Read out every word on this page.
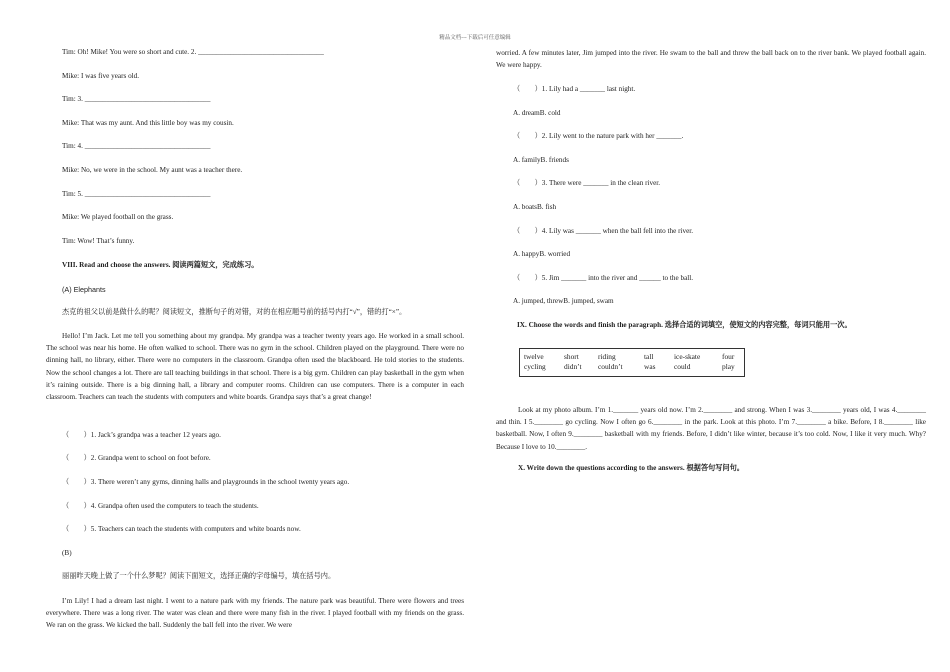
精品文档---下载后可任意编辑
Tim: Oh! Mike! You were so short and cute. 2. ___________________________________
Mike: I was five years old.
Tim: 3. ___________________________________
Mike: That was my aunt. And this little boy was my cousin.
Tim: 4. ___________________________________
Mike: No, we were in the school. My aunt was a teacher there.
Tim: 5. ___________________________________
Mike: We played football on the grass.
Tim: Wow! That’s funny.
VIII. Read and choose the answers. 阅读两篇短文，完成练习。
(A) Elephants
杰克的祖父以前是做什么的呢？阅读短文，推断句子的对错，对的在相应题号前的括号内打“√”，错的打“×”。
Hello! I’m Jack. Let me tell you something about my grandpa. My grandpa was a teacher twenty years ago. He worked in a small school. The school was near his home. He often walked to school. There was no gym in the school. Children played on the playground. There were no dinning hall, no library, either. There were no computers in the classroom. Grandpa often used the blackboard. He told stories to the students. Now the school changes a lot. There are tall teaching buildings in that school. There is a big gym. Children can play basketball in the gym when it’s raining outside. There is a big dinning hall, a library and computer rooms. Children can use computers. There is a computer in each classroom. Teachers can teach the students with computers and white boards. Grandpa says that’s a great change!
（　　）1. Jack’s grandpa was a teacher 12 years ago.
（　　）2. Grandpa went to school on foot before.
（　　）3. There weren’t any gyms, dinning halls and playgrounds in the school twenty years ago.
（　　）4. Grandpa often used the computers to teach the students.
（　　）5. Teachers can teach the students with computers and white boards now.
(B)
丽丽昨天晚上做了一个什么梦呢？阅读下面短文，选择正确的字母编号，填在括号内。
I’m Lily! I had a dream last night. I went to a nature park with my friends. The nature park was beautiful. There were flowers and trees everywhere. There was a long river. The water was clean and there were many fish in the river. I played football with my friends on the grass. We ran on the grass. We kicked the ball. Suddenly the ball fell into the river. We were
worried. A few minutes later, Jim jumped into the river. He swam to the ball and threw the ball back on to the river bank. We played football again. We were happy.
（　　）1. Lily had a _______ last night.
A. dreamB. cold
（　　）2. Lily went to the nature park with her _______.
A. familyB. friends
（　　）3. There were _______ in the clean river.
A. boatsB. fish
（　　）4. Lily was _______ when the ball fell into the river.
A. happyB. worried
（　　）5. Jim _______ into the river and ______ to the ball.
A. jumped, threwB. jumped, swam
IX. Choose the words and finish the paragraph. 选择合适的词填空，使短文的内容完整，每词只能用一次。
twelve	short	riding	tall	ice-skate	four
cycling	didn’t	couldn’t	was	could	play
Look at my photo album. I’m 1._______ years old now. I’m 2.________ and strong. When I was 3.________ years old, I was 4.________ and thin. I 5.________ go cycling. Now I often go 6.________ in the park. Look at this photo. I’m 7.________ a bike. Before, I 8.________ like basketball. Now, I often 9.________ basketball with my friends. Before, I didn’t like winter, because it’s too cold. Now, I like it very much. Why? Because I love to 10.________.
X. Write down the questions according to the answers. 根据答句写问句。
